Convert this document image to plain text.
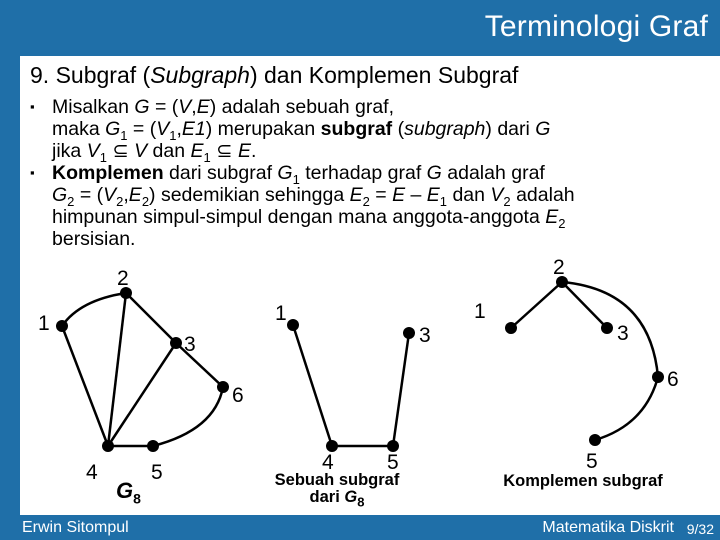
Terminologi Graf
9. Subgraf (Subgraph) dan Komplemen Subgraf
▪ Misalkan G = (V,E) adalah sebuah graf,
maka $G_1 = (V_1,E1)$ merupakan subgraf (subgraph) dari G
jika $V_1$ ⊆ V dan $E_1$ ⊆ E.
▪ Komplemen dari subgraf $G_1$ terhadap graf G adalah graf
$G_2 = (V_2,E_2)$ sedemikian sehingga $E_2 = E - E_1$ dan $V_2$ adalah
himpunan simpul-simpul dengan mana anggota-anggota $E_2$
bersisian.
1
2
3
4	5
6
1
3
4	5
1
2
3
6
5
$G_8$
Sebuah subgraf
dari $G_8$
Komplemen subgraf
Erwin Sitompul	Matematika Diskrit 9/32
